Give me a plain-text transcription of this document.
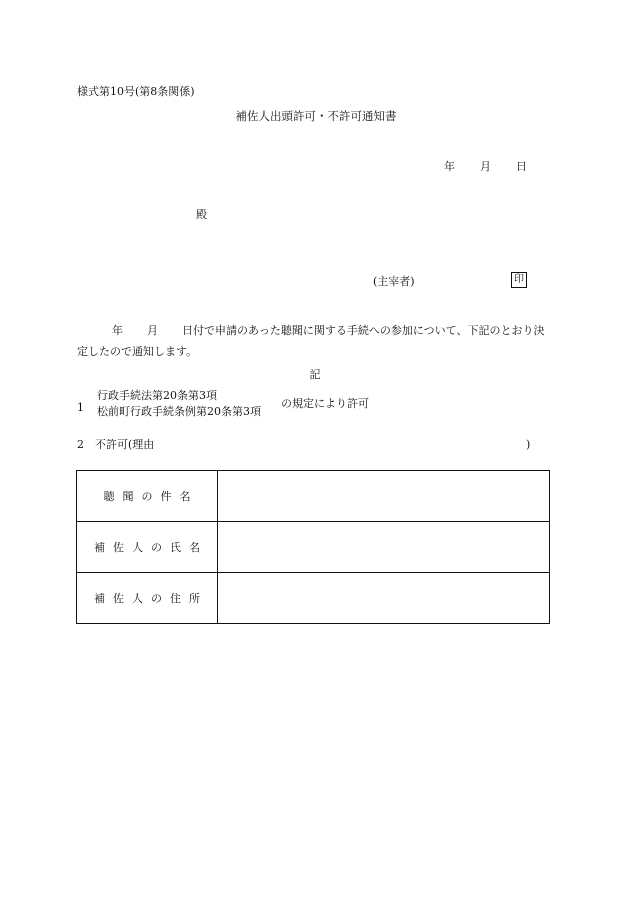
様式第10号(第8条関係)
補佐人出頭許可・不許可通知書
年 月 日
殿
(主宰者)	印
年 月 日付で申請のあった聴聞に関する手続への参加について、下記のとおり決定したので通知します。
記
1
行政手続法第20条第3項
松前町行政手続条例第20条第3項
の規定により許可
2　不許可(理由	)
聴聞の件名	
補佐人の氏名	
補佐人の住所	
